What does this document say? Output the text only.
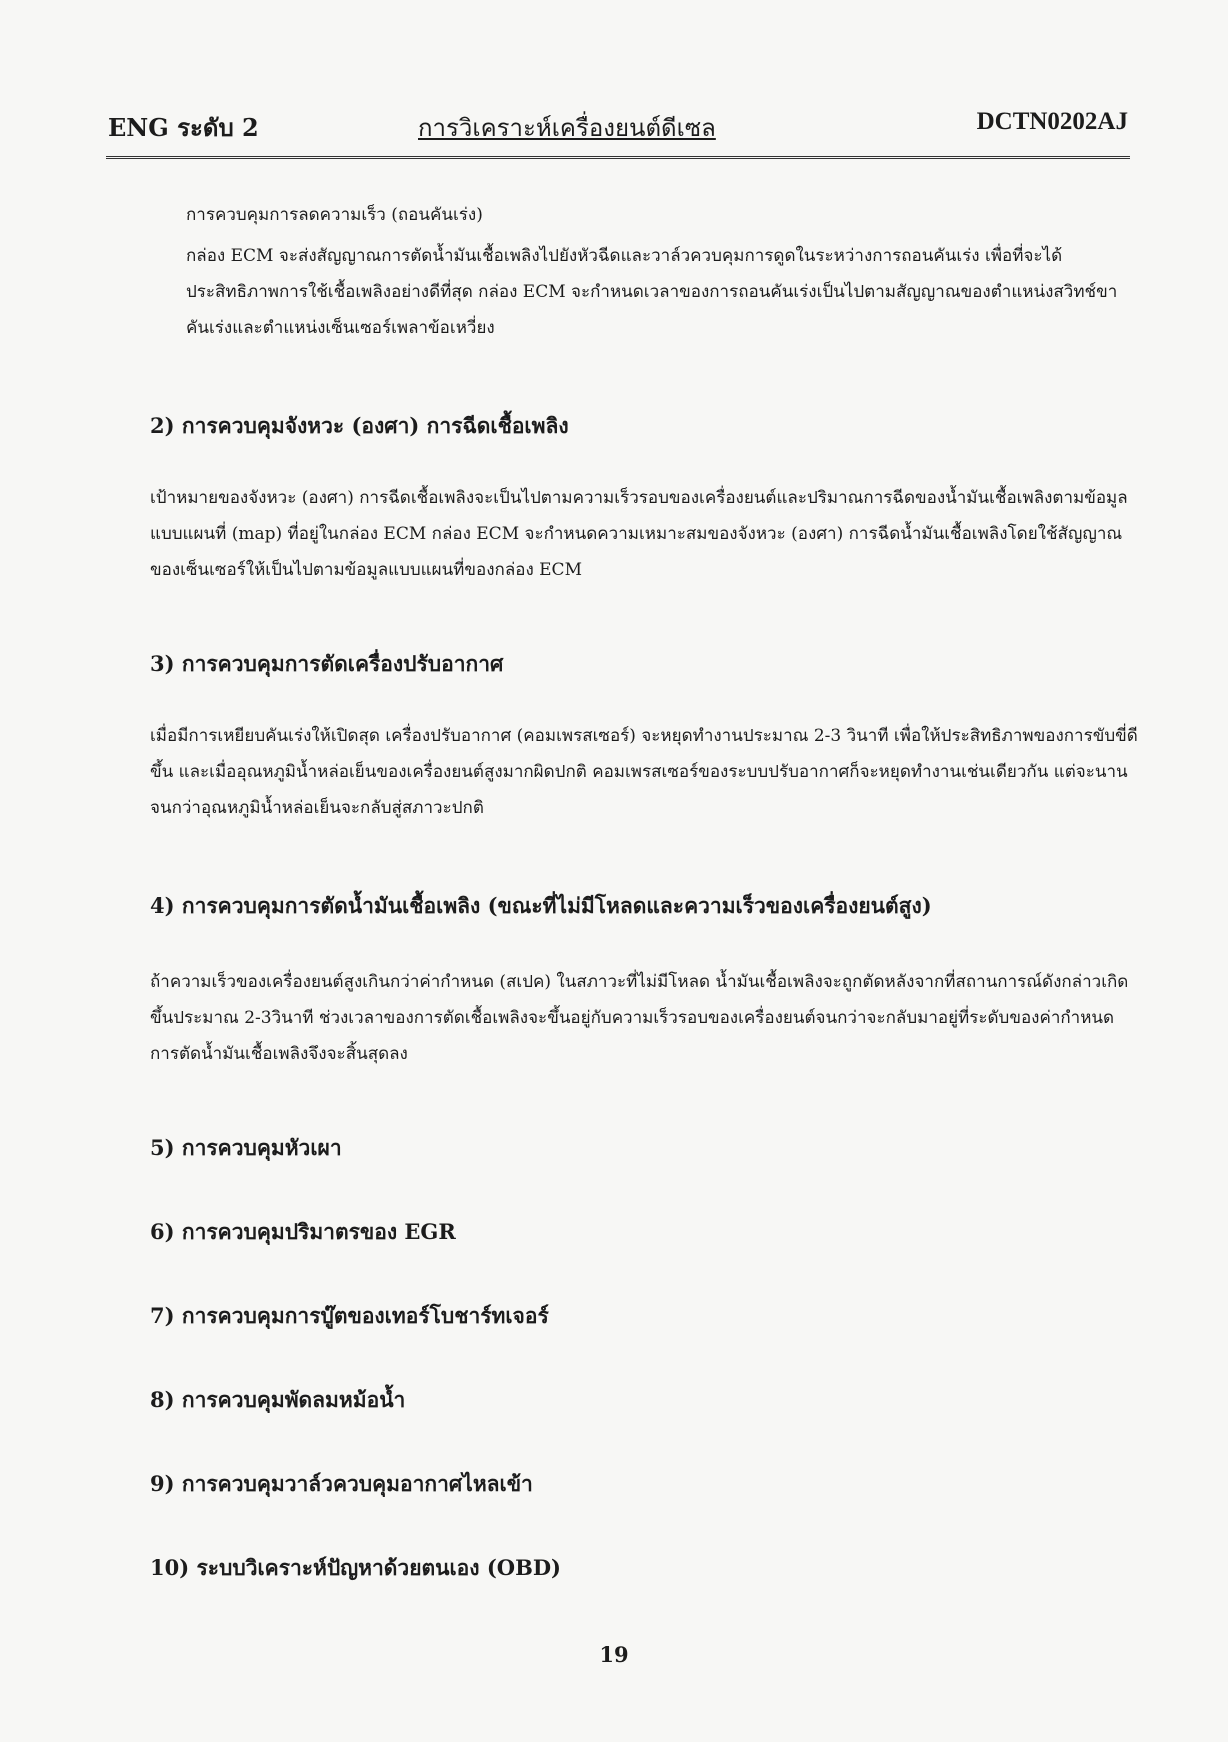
ENG ระดับ 2	การวิเคราะห์เครื่องยนต์ดีเซล	DCTN0202AJ

การควบคุมการลดความเร็ว (ถอนคันเร่ง)

กล่อง ECM จะส่งสัญญาณการตัดน้ำมันเชื้อเพลิงไปยังหัวฉีดและวาล์วควบคุมการดูดในระหว่างการถอนคันเร่ง เพื่อที่จะได้ประสิทธิภาพการใช้เชื้อเพลิงอย่างดีที่สุด กล่อง ECM จะกำหนดเวลาของการถอนคันเร่งเป็นไปตามสัญญาณของตำแหน่งสวิทช์ขาคันเร่งและตำแหน่งเซ็นเซอร์เพลาข้อเหวี่ยง

2) การควบคุมจังหวะ (องศา) การฉีดเชื้อเพลิง

เป้าหมายของจังหวะ (องศา) การฉีดเชื้อเพลิงจะเป็นไปตามความเร็วรอบของเครื่องยนต์และปริมาณการฉีดของน้ำมันเชื้อเพลิงตามข้อมูลแบบแผนที่ (map) ที่อยู่ในกล่อง ECM กล่อง ECM จะกำหนดความเหมาะสมของจังหวะ (องศา) การฉีดน้ำมันเชื้อเพลิงโดยใช้สัญญาณของเซ็นเซอร์ให้เป็นไปตามข้อมูลแบบแผนที่ของกล่อง ECM

3) การควบคุมการตัดเครื่องปรับอากาศ

เมื่อมีการเหยียบคันเร่งให้เปิดสุด เครื่องปรับอากาศ (คอมเพรสเซอร์) จะหยุดทำงานประมาณ 2-3 วินาที เพื่อให้ประสิทธิภาพของการขับขี่ดีขึ้น และเมื่ออุณหภูมิน้ำหล่อเย็นของเครื่องยนต์สูงมากผิดปกติ คอมเพรสเซอร์ของระบบปรับอากาศก็จะหยุดทำงานเช่นเดียวกัน แต่จะนานจนกว่าอุณหภูมิน้ำหล่อเย็นจะกลับสู่สภาวะปกติ

4) การควบคุมการตัดน้ำมันเชื้อเพลิง (ขณะที่ไม่มีโหลดและความเร็วของเครื่องยนต์สูง)

ถ้าความเร็วของเครื่องยนต์สูงเกินกว่าค่ากำหนด (สเปค) ในสภาวะที่ไม่มีโหลด น้ำมันเชื้อเพลิงจะถูกตัดหลังจากที่สถานการณ์ดังกล่าวเกิดขึ้นประมาณ 2-3วินาที ช่วงเวลาของการตัดเชื้อเพลิงจะขึ้นอยู่กับความเร็วรอบของเครื่องยนต์จนกว่าจะกลับมาอยู่ที่ระดับของค่ากำหนด การตัดน้ำมันเชื้อเพลิงจึงจะสิ้นสุดลง

5) การควบคุมหัวเผา

6) การควบคุมปริมาตรของ EGR

7) การควบคุมการบู๊ตของเทอร์โบชาร์ทเจอร์

8) การควบคุมพัดลมหม้อน้ำ

9) การควบคุมวาล์วควบคุมอากาศไหลเข้า

10) ระบบวิเคราะห์ปัญหาด้วยตนเอง (OBD)

19
